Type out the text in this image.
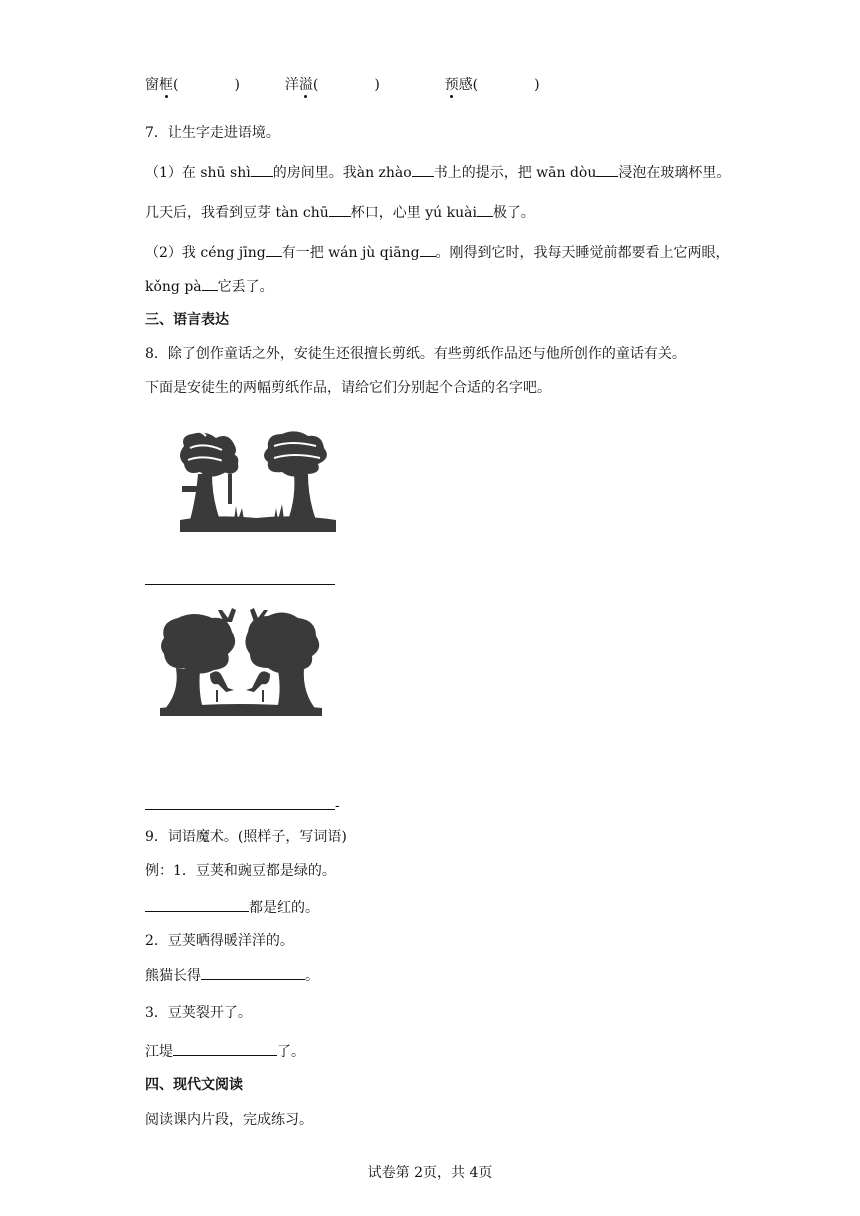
窗框(	)	洋溢(	)	预感(	)
7．让生字走进语境。
（1）在 shū shì 的房间里。我àn zhào 书上的提示，把 wān dòu 浸泡在玻璃杯里。
几天后，我看到豆芽 tàn chū 杯口，心里 yú kuài 极了。
（2）我 céng jīng 有一把 wán jù qiāng 。刚得到它时，我每天睡觉前都要看上它两眼，
kǒng pà 它丢了。
三、语言表达
8．除了创作童话之外，安徒生还很擅长剪纸。有些剪纸作品还与他所创作的童话有关。
下面是安徒生的两幅剪纸作品，请给它们分别起个合适的名字吧。
-
9．词语魔术。(照样子，写词语)
例：1．豆荚和豌豆都是绿的。
都是红的。
2．豆荚晒得暖洋洋的。
熊猫长得	。
3．豆荚裂开了。
江堤	了。
四、现代文阅读
阅读课内片段，完成练习。
试卷第 2页，共 4页
